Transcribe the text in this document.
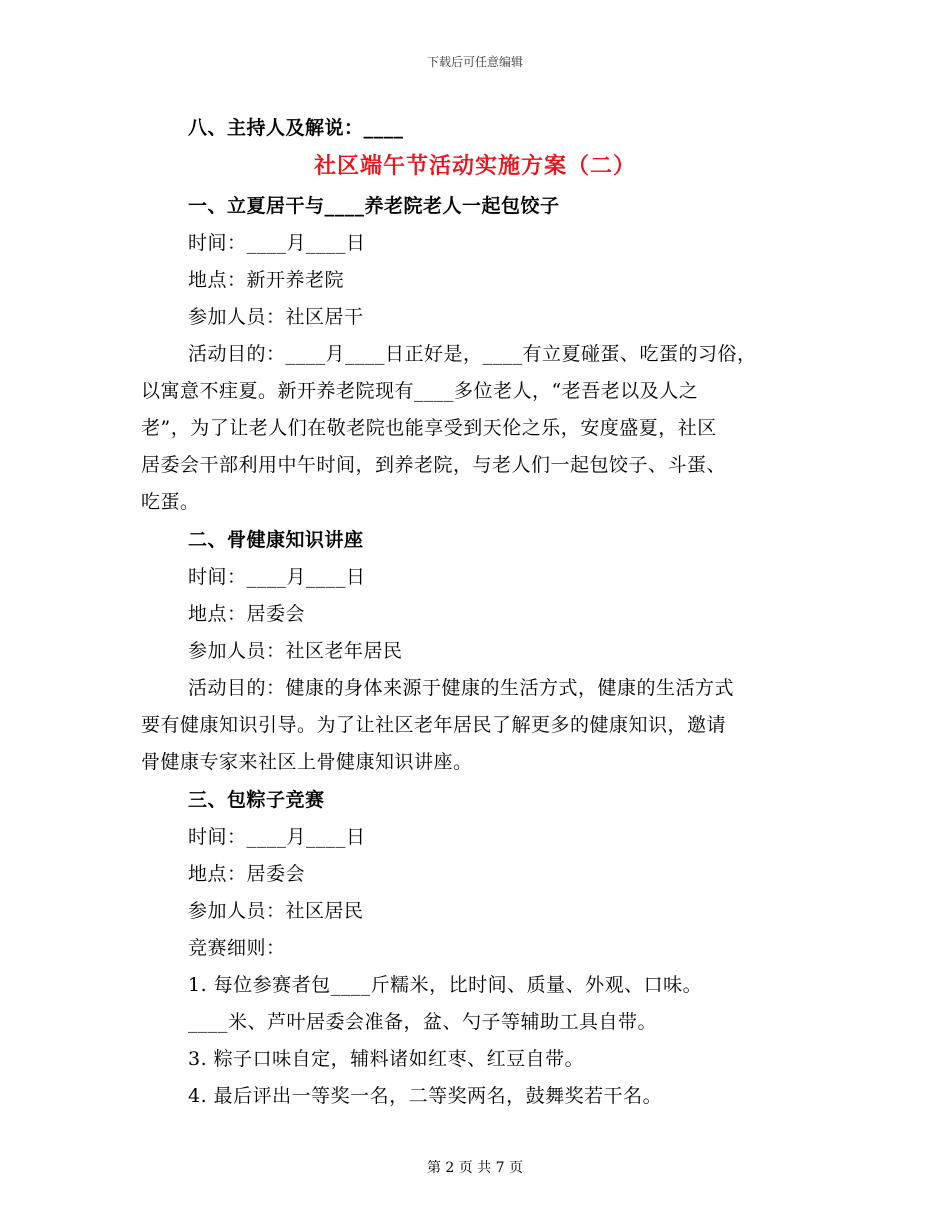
下载后可任意编辑
八、主持人及解说：____
社区端午节活动实施方案（二）
一、立夏居干与____养老院老人一起包饺子
时间：____月____日
地点：新开养老院
参加人员：社区居干
活动目的：____月____日正好是，____有立夏碰蛋、吃蛋的习俗，
以寓意不疰夏。新开养老院现有____多位老人，“老吾老以及人之
老”，为了让老人们在敬老院也能享受到天伦之乐，安度盛夏，社区
居委会干部利用中午时间，到养老院，与老人们一起包饺子、斗蛋、
吃蛋。
二、骨健康知识讲座
时间：____月____日
地点：居委会
参加人员：社区老年居民
活动目的：健康的身体来源于健康的生活方式，健康的生活方式
要有健康知识引导。为了让社区老年居民了解更多的健康知识，邀请
骨健康专家来社区上骨健康知识讲座。
三、包粽子竞赛
时间：____月____日
地点：居委会
参加人员：社区居民
竞赛细则：
1. 每位参赛者包____斤糯米，比时间、质量、外观、口味。
____米、芦叶居委会准备，盆、勺子等辅助工具自带。
3. 粽子口味自定，辅料诸如红枣、红豆自带。
4. 最后评出一等奖一名，二等奖两名，鼓舞奖若干名。
第 2 页 共 7 页
